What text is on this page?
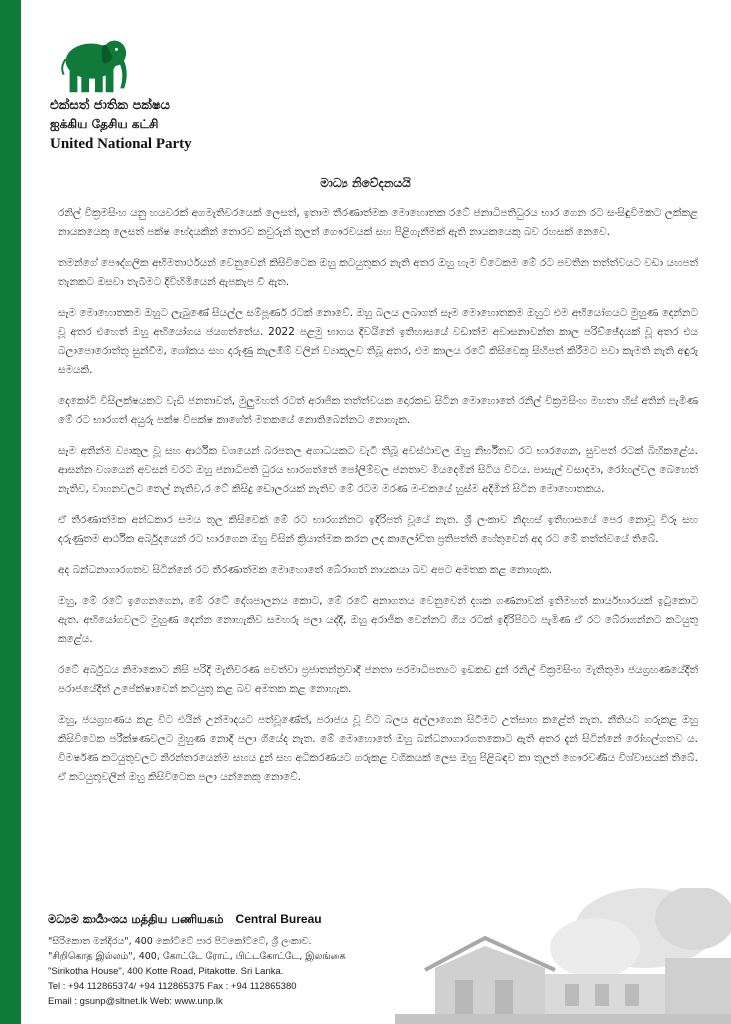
එක්සත් ජාතික පක්ෂය
ஐக்கிய தேசிய கட்சி
United National Party
මාධ්‍ය නිවේදනයයි

රනිල් වික්‍රමසිංහ යනු හයවරක් අගමැතිවරයෙක් ලෙසත්, ඉතාම තීරණාත්මක මොහොතක රටේ ජනාධිපතිධුරය භාර ගෙන රට සංසිඳුවිමකට ලක්කළ නායකයෙකු ලෙසත් පක්ෂ භේදයකින් තොරව කවුරුන් තුලත් ගෞරවයක් සහ පිළිගැනීමක් ඇති නායකයෙකු බව රහසක් නෙවෙ.

තමන්ගේ පෞද්ගලික අභිමතාර්ථයන් වෙනුවෙන් කිසිවිටෙක ඔහු කටයුතුකර නැති අතර ඔහු හැම විටෙකම මේ රට පවතින තත්ත්වයට වඩා යහපත් තැනකට ඔසවා තැබීමට දිවිහිමියෙන් ඇපකැප වී ඇත.

සෑම මොහොතකම ඔහුට ලැබුණේ සියල්ල සම්පූර්ණ රටක් නොවේ. ඔහු බලය ලබාගත් සෑම මොහොතකම ඔහුට එම අභියෝගයට මුහුණ දෙන්නට වූ අතර එහෙත් ඔහු අභියෝගය ජයගත්තේය. 2022 පළමු භාගය දිවයිනේ ඉතිහාසයේ වඩාත්ම අවාසනාවන්ත කාල පරිච්ඡේදයක් වූ අතර එය බලාපොරොත්තු සුන්වීම, ශෝකය සහ දරුණු කැලඹීම් වලින් ව්‍යාකූලව තිබූ අතර, එම කාලය රටේ කිසිවෙකු සිහිපත් කිරීමට පවා කැමති නැති අඳුරු සමයකි.

දෙකෝටි විසිලක්ෂයකට වැඩි ජනතාවත්, මුලුමහත් රටත් අරාජික තත්ත්වයක දොරකඩ සිටින මොහොතේ රනිල් වික්‍රමසිංහ මහතා හිස් අතින් පැමිණ මේ රට භාරගත් අයුරු පක්ෂ විපක්ෂ කාගේත් මතකයේ නොතිබෙන්නට නොහැක.

සෑම අතින්ම ව්‍යාකූල වූ සහ ආර්ථික වශයෙන් බරපතල අගාධයකට වැටී තිබූ අවස්ථාවල ඔහු නිර්භීතව රට භාරගෙන, සුවපත් රටක් බිහිකළේය. ආසන්න වශයෙන් අවසන් වරට ඔහු ජනාධිපති ධුරය භාරගත්තේ පෝලිම්වල ජනතාව මියදෙමින් සිටිය විටය. පාසැල් වසාදමා, රෝහල්වල බෙහෙත් නැතිව, වාහනවලට තෙල් නැතිව,ර ටේ කිසිදු ඩොලරයක් නැතිව මේ රටම මරණ මංචකයේ හුස්ම අදිමින් සිටින මොහොතකය.

ඒ තීරණාත්මක අන්ධකාර සමය තුල කිසිවෙක් මේ රට භාරගන්නට ඉදිරිපත් වූයේ නැත. ශ්‍රී ලංකාව නිදහස් ඉතිහාසයේ පෙර නොවූ විරූ සහ දරුණුතම ආර්ථික අර්බුදයෙන් රට භාරගෙන ඔහු විසින් ක්‍රියාත්මක කරන ලද කාලෝචිත ප්‍රතිපත්ති හේතුවෙන් අද රට මේ තත්ත්වයේ තිබේ.

අද බන්ධනාගාරගතව සිටින්නේ රට තීරණාත්මක මොහොතේ බේරාගත් නායකයා බව අපට අමතක කළ නොහැක.

ඔහු, මේ රටේ ඉගෙනගෙන, මේ රටේ දේශපාලනය කොට, මේ රටේ අනාගතය වෙනුවෙන් දශක ගණනාවක් ඉතිමහත් කාර්යභාරයක් ඉටුකොට ඇත. අභියෝගවලට මුහුණ දෙන්න නොහැකිව සමහරු පලා යද්දී, ඔහු අරාජික වෙන්නට ගිය රටක් ඉදිරිපිටට පැමිණ ඒ රට බේරාගන්නට කටයුතු කළේය.

රටේ අර්බුධය නිමාකොට නිසි පරිදි මැතිවරණ පවත්වා ප්‍රජාතන්ත්‍රවාදී ජනතා පරමාධිපත්‍යට ඉඩකඩ දුන් රනිල් වික්‍රමසිංහ මැතිතුමා ජයග්‍රහණයේදීත් පරාජයේදීත් උපේක්ෂාවෙන් කටයුතු කළ බව අමතක කළ නොහැක.

ඔහු, ජයග්‍රහණය කළ විට එයින් උන්මාදයට පත්වූණේත්, පරාජය වූ විට බලය අල්ලාගෙන සිටීමට උත්සාහ කළේත් නැත. නීතියට ගරුකළ ඔහු කිසිවිටෙක පරීක්ෂණවලට මුහුණ නොදී පලා ගියේද නැත. මේ මොහොතේ ඔහු බන්ධනාගාරගතකොට ඇති අතර දැන් සිටින්නේ රෝහල්ගතව ය. විමර්ෂණ කටයුතුවලට නිරන්තරයෙන්ම සහය දුන් සහ අධිකරණයට ගරුකළ වගිකයක් ලෙස ඔහු පිළිබඳව කා තුලත් ගෞරවණීය විශ්වාසයක් තිබේ. ඒ කටයුතුවලින් ඔහු කිසිවිටෙක පලා යන්නෙකු නොවේ.

මධ්‍යම කාර්‍යාංශය மத்திய பணியகம் Central Bureau
"සිරිකොත මන්දිරය", 400 කෝට්ටේ පාර පිටකෝට්ටේ, ශ්‍රී ලංකාව.
"சிறிகொத இல்லம்", 400, கோட்டே ரோட், பிட்டகோட்டே, இலங்கை
"Sirikotha House", 400 Kotte Road, Pitakotte. Sri Lanka.
Tel : +94 112865374/ +94 112865375 Fax : +94 112865380
Email : gsunp@sltnet.lk Web: www.unp.lk
